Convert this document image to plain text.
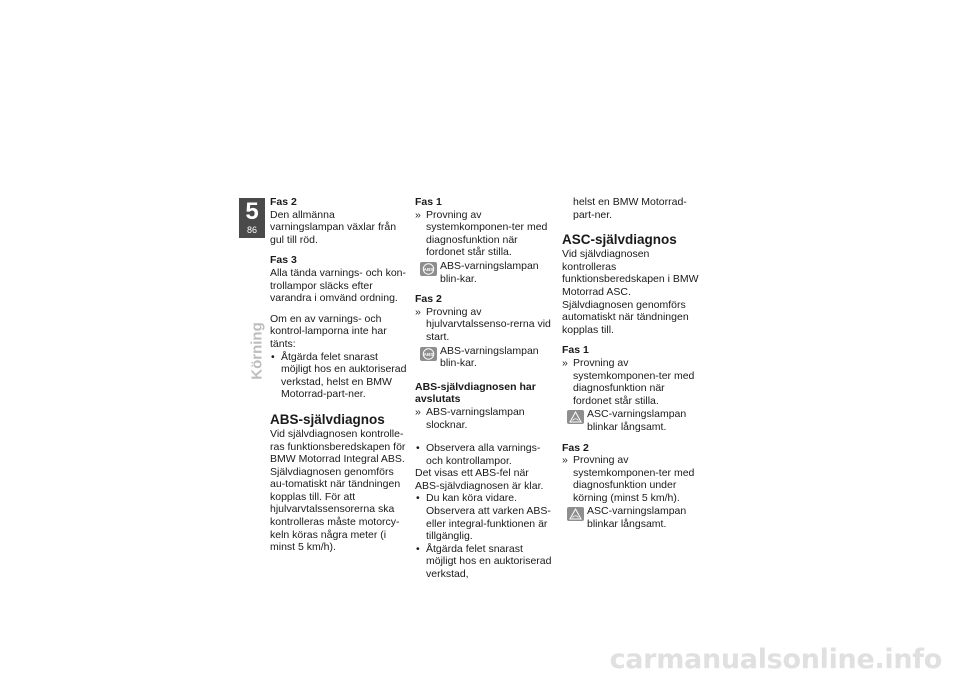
5
86
Körning
Fas 2
Den allmänna varningslampan växlar från gul till röd.
Fas 3
Alla tända varnings- och kon-trollampor släcks efter varandra i omvänd ordning.
Om en av varnings- och kontrol-lamporna inte har tänts:
• Åtgärda felet snarast möjligt hos en auktoriserad verkstad, helst en BMW Motorrad-part-ner.
ABS-självdiagnos
Vid självdiagnosen kontrolle-ras funktionsberedskapen för BMW Motorrad Integral ABS. Självdiagnosen genomförs au-tomatiskt när tändningen kopplas till. För att hjulvarvtalssensorerna ska kontrolleras måste motorcy-keln köras några meter (i minst 5 km/h).
Fas 1
» Provning av systemkomponen-ter med diagnosfunktion när fordonet står stilla.
ABS ABS-varningslampan blin-kar.
Fas 2
» Provning av hjulvarvtalssenso-rerna vid start.
ABS ABS-varningslampan blin-kar.
ABS-självdiagnosen har avslutats
» ABS-varningslampan slocknar.
• Observera alla varnings- och kontrollampor.
Det visas ett ABS-fel när ABS-självdiagnosen är klar.
• Du kan köra vidare. Observera att varken ABS- eller integral-funktionen är tillgänglig.
• Åtgärda felet snarast möjligt hos en auktoriserad verkstad,
helst en BMW Motorrad-part-ner.
ASC-självdiagnos
Vid självdiagnosen kontrolleras funktionsberedskapen i BMW Motorrad ASC.
Självdiagnosen genomförs automatiskt när tändningen kopplas till.
Fas 1
» Provning av systemkomponen-ter med diagnosfunktion när fordonet står stilla.
ASC-varningslampan blinkar långsamt.
Fas 2
» Provning av systemkomponen-ter med diagnosfunktion under körning (minst 5 km/h).
ASC-varningslampan blinkar långsamt.
carmanualsonline.info
